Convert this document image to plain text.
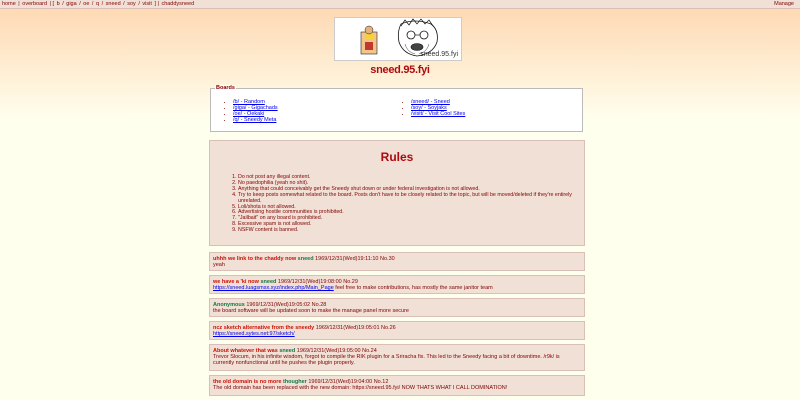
home | overboard | [ b / giga / oe / q / sneed / soy / visit ] | chaddysneed	Manage
sneed.95.fyi
sneed.95.fyi
Boards
• /b/ - Random
• /giga/ - Gigachads
• /oe/ - Oekaki
• /q/ - Sneedy Meta
• /sneed/ - Sneed
• /soy/ - Soyjaks
• /visit/ - Visit Cool Sites
Rules
1. Do not post any illegal content.
2. No paedophilia (yeah no shit).
3. Anything that could conceivably get the Sneedy shut down or under federal investigation is not allowed.
4. Try to keep posts somewhat related to the board. Posts don't have to be closely related to the topic, but will be moved/deleted if they're entirely unrelated.
5. Loli/shota is not allowed.
6. Advertising hostile communities is prohibited.
7. "Jailbait" on any board is prohibited.
8. Excessive spam is not allowed.
9. NSFW content is banned.
uhhh we link to the chaddy now sneed 1969/12/31(Wed)19:11:10 No.30
yeah
we have a 'ki now sneed 1969/12/31(Wed)19:08:00 No.29
https://sneed.luagsmsx.xyz/index.php/Main_Page feel free to make contributions, has mostly the same janitor team
Anonymous 1969/12/31(Wed)19:05:02 No.28
the board software will be updated soon to make the manage panel more secure
ncz sketch alternative from the sneedy 1969/12/31(Wed)19:05:01 No.26
https://sneed.sytes.net:97/sketch/
About whatever that was sneed 1969/12/31(Wed)19:05:00 No.24
Trevor Slocum, in his infinite wisdom, forgot to compile the RIK plugin for a Sriracha fix. This led to the Sneedy facing a bit of downtime. /r9k/ is currently nonfunctional until he pushes the plugin properly.
the old domain is no more thougher 1969/12/31(Wed)19:04:00 No.12
The old domain has been replaced with the new domain: https://sneed.95.fyi/ NOW THATS WHAT I CALL DOMINATION!
